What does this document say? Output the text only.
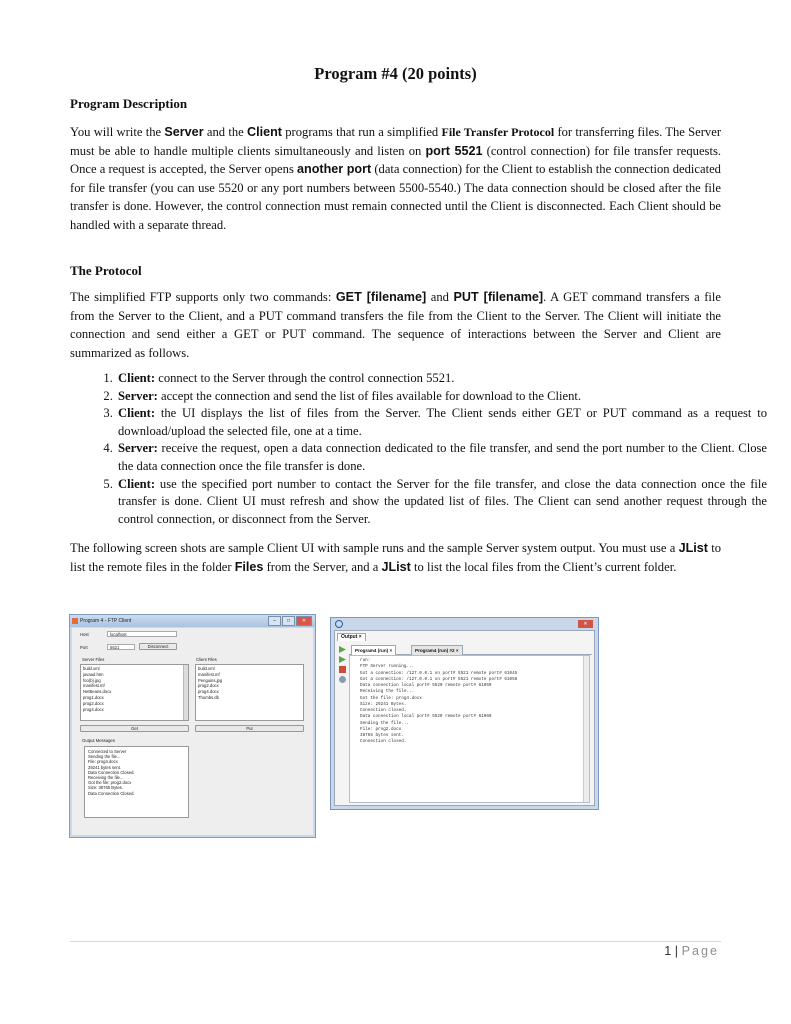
Program #4 (20 points)
Program Description
You will write the Server and the Client programs that run a simplified File Transfer Protocol for transferring files. The Server must be able to handle multiple clients simultaneously and listen on port 5521 (control connection) for file transfer requests. Once a request is accepted, the Server opens another port (data connection) for the Client to establish the connection dedicated for file transfer (you can use 5520 or any port numbers between 5500-5540.) The data connection should be closed after the file transfer is done. However, the control connection must remain connected until the Client is disconnected. Each Client should be handled with a separate thread.
The Protocol
The simplified FTP supports only two commands: GET [filename] and PUT [filename]. A GET command transfers a file from the Server to the Client, and a PUT command transfers the file from the Client to the Server. The Client will initiate the connection and send either a GET or PUT command. The sequence of interactions between the Server and Client are summarized as follows.
1. Client: connect to the Server through the control connection 5521.
2. Server: accept the connection and send the list of files available for download to the Client.
3. Client: the UI displays the list of files from the Server. The Client sends either GET or PUT command as a request to download/upload the selected file, one at a time.
4. Server: receive the request, open a data connection dedicated to the file transfer, and send the port number to the Client. Close the data connection once the file transfer is done.
5. Client: use the specified port number to contact the Server for the file transfer, and close the data connection once the file transfer is done. Client UI must refresh and show the updated list of files. The Client can send another request through the control connection, or disconnect from the Server.
The following screen shots are sample Client UI with sample runs and the sample Server system output. You must use a JList to list the remote files in the folder Files from the Server, and a JList to list the local files from the Client’s current folder.
Program 4 - FTP Client	–	□	✕
Host	localhost
Port	5521	Disconnect
Server Files	Client Files
build.xml
javaad.htm
foo(b).jpg
manifest.mf
NetBeans.docx
prog1.docx
prog2.docx
prog4.docx
build.xml
manifest.mf
Penguins.jpg
prog2.docx
prog4.docx
Thumbs.db
Get	Put
Output Messages
Connected to Server
Sending the file...
File: prog4.docx
29241 bytes sent.
Data Connection Closed.
Receiving the file...
Got the file: prog2.docx
Size: 38765 Bytes.
Data Connection Closed.
✕
Output ×
Program4 (run) ×	Program4 (run) #2 ×
run:
FTP Server running...
Got a connection: /127.0.0.1 on port# 5521 remote port# 61045
Got a connection: /127.0.0.1 on port# 5521 remote port# 61058
Data connection local port# 5520 remote port# 61059
Receiving the file...
Got the file: prog4.docx
Size: 29241 Bytes.
Connection closed.
Data connection local port# 5520 remote port# 61060
Sending the file...
File: prog2.docx
38765 bytes sent.
Connection closed.
1 | Page
